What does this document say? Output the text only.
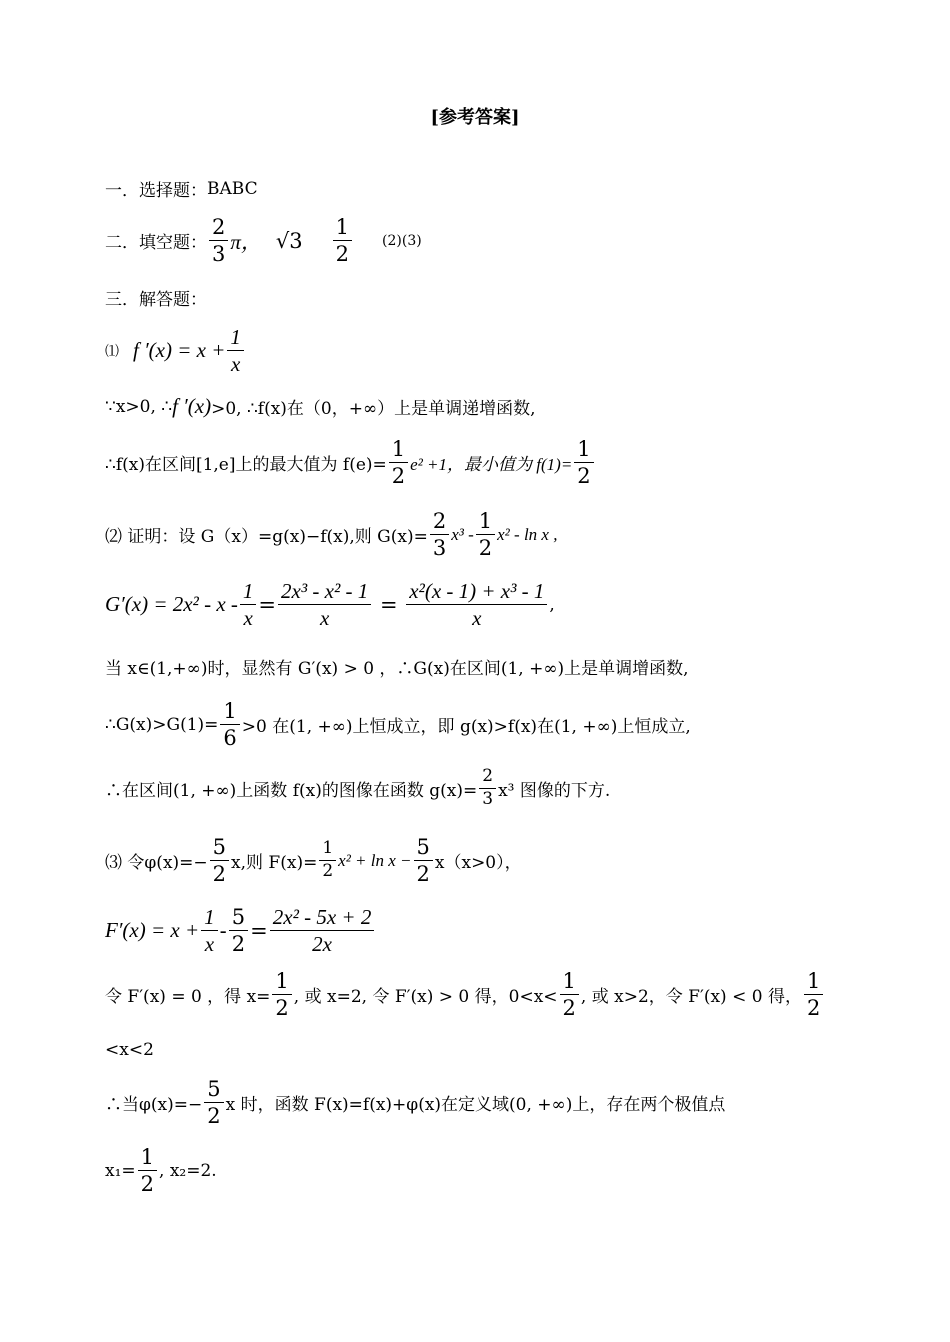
[参考答案]
一．选择题： BABC
二．填空题： $\frac{2}{3}$ π， $√3 \frac{1}{2} (2)(3)$
三．解答题：
⑴ f $'(x) = x + \frac{1}{x}$
∵x>0, ∴ f ′(x) >0, ∴f(x)在（0，+∞）上是单调递增函数,
∴f(x)在区间[1,e]上的最大值为 $f(e)= \frac{1}{2} e^2 +1$，最小值为 $f(1)= \frac{1}{2}$
⑵ 证明：设 G（x）=g(x)−f(x),则 $G(x)= \frac{2}{3} x^3 - \frac{1}{2} x^2 - \ln x$ ,
$G'(x) = 2x^2 - x - \frac{1}{x} = \frac{\text{2x³ - x² - 1}}{x} = \frac{\text{x²(x - 1) + x³ - 1}}{x}$ ,
当 x∈(1,+∞)时，显然有 G′(x) > 0 ，∴G(x)在区间(1, +∞)上是单调增函数,
∴G(x)>G(1)= $\frac{1}{6} >0$ 在(1, +∞)上恒成立，即 g(x)>f(x)在(1, +∞)上恒成立,
∴在区间(1, +∞)上函数 f(x)的图像在函数 $g(x)= \frac{2}{3} x^3$ 图像的下方.
⑶ 令$\varphi(x)=- \frac{5}{2} x$,则 $F(x)= \frac{1}{2} x^2 + \ln x - \frac{5}{2} x(x>0)$，
$F'(x) = x + \frac{1}{x} - \frac{5}{2} = \frac{\text{2x² - 5x + 2}}{2x}$
令 F′(x) = 0 ，得 $x= \frac{1}{2}$ , 或 x=2, 令 F′(x) > 0 得，$0<x< \frac{1}{2}$ , 或 x>2，令 F′(x) < 0 得， $\frac{1}{2}$
<x<2
∴当$\varphi(x)=- \frac{5}{2}$ x 时，函数 F(x)=f(x)+φ(x)在定义域(0, +∞)上，存在两个极值点
$x_1= \frac{1}{2}$ , x₂=2.
